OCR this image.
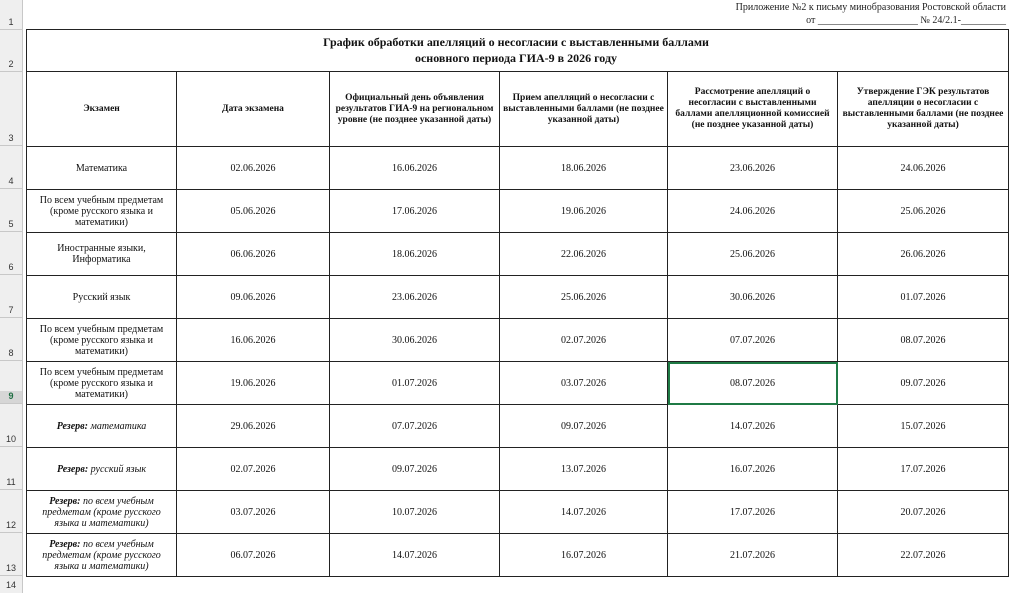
1
2
3
4
5
6
7
8
9
10
11
12
13
14
Приложение №2 к письму минобразования Ростовской области
от ____________________ № 24/2.1-_________
График обработки апелляций о несогласии с выставленными баллами
основного периода ГИА-9 в 2026 году
Экзамен	Дата экзамена	Официальный день объявления результатов ГИА-9 на региональном уровне (не позднее указанной даты)	Прием апелляций о несогласии с выставленными баллами (не позднее указанной даты)	Рассмотрение апелляций о несогласии с выставленными баллами апелляционной комиссией (не позднее указанной даты)	Утверждение ГЭК результатов апелляции о несогласии с выставленными баллами (не позднее указанной даты)
Математика	02.06.2026	16.06.2026	18.06.2026	23.06.2026	24.06.2026
По всем учебным предметам (кроме русского языка и математики)	05.06.2026	17.06.2026	19.06.2026	24.06.2026	25.06.2026
Иностранные языки, Информатика	06.06.2026	18.06.2026	22.06.2026	25.06.2026	26.06.2026
Русский язык	09.06.2026	23.06.2026	25.06.2026	30.06.2026	01.07.2026
По всем учебным предметам (кроме русского языка и математики)	16.06.2026	30.06.2026	02.07.2026	07.07.2026	08.07.2026
По всем учебным предметам (кроме русского языка и математики)	19.06.2026	01.07.2026	03.07.2026	08.07.2026	09.07.2026
Резерв: математика	29.06.2026	07.07.2026	09.07.2026	14.07.2026	15.07.2026
Резерв: русский язык	02.07.2026	09.07.2026	13.07.2026	16.07.2026	17.07.2026
Резерв: по всем учебным предметам (кроме русского языка и математики)	03.07.2026	10.07.2026	14.07.2026	17.07.2026	20.07.2026
Резерв: по всем учебным предметам (кроме русского языка и математики)	06.07.2026	14.07.2026	16.07.2026	21.07.2026	22.07.2026
